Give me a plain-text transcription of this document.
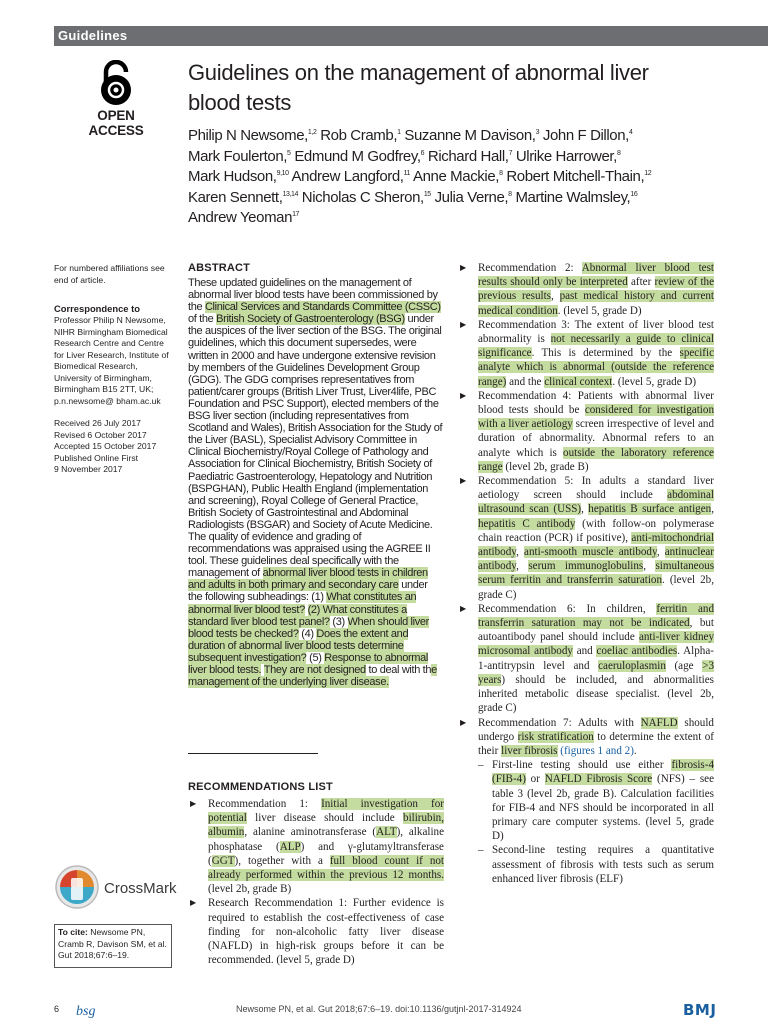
Guidelines
OPEN ACCESS
Guidelines on the management of abnormal liver
blood tests
Philip N Newsome,$^{1,2}$ Rob Cramb,$^1$ Suzanne M Davison,$^3$ John F Dillon,$^4$
Mark Foulerton,$^5$ Edmund M Godfrey,$^6$ Richard Hall,$^7$ Ulrike Harrower,$^8$
Mark Hudson,$^{9,10}$ Andrew Langford,$^{11}$ Anne Mackie,$^8$ Robert Mitchell-Thain,$^{12}$
Karen Sennett,$^{13,14}$ Nicholas C Sheron,$^{15}$ Julia Verne,$^8$ Martine Walmsley,$^{16}$
Andrew Yeoman$^{17}$
For numbered affiliations see end of article.
Correspondence to
Professor Philip N Newsome, NIHR Birmingham Biomedical Research Centre and Centre for Liver Research, Institute of Biomedical Research, University of Birmingham, Birmingham B15 2TT, UK; p.n.newsome@ bham.ac.uk
Received 26 July 2017
Revised 6 October 2017
Accepted 15 October 2017
Published Online First
9 November 2017
CrossMark
To cite: Newsome PN, Cramb R, Davison SM, et al. Gut 2018;67:6–19.
ABSTRACT
These updated guidelines on the management of abnormal liver blood tests have been commissioned by the Clinical Services and Standards Committee (CSSC) of the British Society of Gastroenterology (BSG) under the auspices of the liver section of the BSG. The original guidelines, which this document supersedes, were written in 2000 and have undergone extensive revision by members of the Guidelines Development Group (GDG). The GDG comprises representatives from patient/carer groups (British Liver Trust, Liver4life, PBC Foundation and PSC Support), elected members of the BSG liver section (including representatives from Scotland and Wales), British Association for the Study of the Liver (BASL), Specialist Advisory Committee in Clinical Biochemistry/Royal College of Pathology and Association for Clinical Biochemistry, British Society of Paediatric Gastroenterology, Hepatology and Nutrition (BSPGHAN), Public Health England (implementation and screening), Royal College of General Practice, British Society of Gastrointestinal and Abdominal Radiologists (BSGAR) and Society of Acute Medicine. The quality of evidence and grading of recommendations was appraised using the AGREE II tool. These guidelines deal specifically with the management of abnormal liver blood tests in children and adults in both primary and secondary care under the following subheadings: (1) What constitutes an abnormal liver blood test? (2) What constitutes a standard liver blood test panel? (3) When should liver blood tests be checked? (4) Does the extent and duration of abnormal liver blood tests determine subsequent investigation? (5) Response to abnormal liver blood tests. They are not designed to deal with the management of the underlying liver disease.
RECOMMENDATIONS LIST
▶ Recommendation 1: Initial investigation for potential liver disease should include bilirubin, albumin, alanine aminotransferase (ALT), alkaline phosphatase (ALP) and γ-glutamyltransferase (GGT), together with a full blood count if not already performed within the previous 12 months. (level 2b, grade B)
▶ Research Recommendation 1: Further evidence is required to establish the cost-effectiveness of case finding for non-alcoholic fatty liver disease (NAFLD) in high-risk groups before it can be recommended. (level 5, grade D)
▶ Recommendation 2: Abnormal liver blood test results should only be interpreted after review of the previous results, past medical history and current medical condition. (level 5, grade D)
▶ Recommendation 3: The extent of liver blood test abnormality is not necessarily a guide to clinical significance. This is determined by the specific analyte which is abnormal (outside the reference range) and the clinical context. (level 5, grade D)
▶ Recommendation 4: Patients with abnormal liver blood tests should be considered for investigation with a liver aetiology screen irrespective of level and duration of abnormality. Abnormal refers to an analyte which is outside the laboratory reference range (level 2b, grade B)
▶ Recommendation 5: In adults a standard liver aetiology screen should include abdominal ultrasound scan (USS), hepatitis B surface antigen, hepatitis C antibody (with follow-on polymerase chain reaction (PCR) if positive), anti-mitochondrial antibody, anti-smooth muscle antibody, antinuclear antibody, serum immunoglobulins, simultaneous serum ferritin and transferrin saturation. (level 2b, grade C)
▶ Recommendation 6: In children, ferritin and transferrin saturation may not be indicated, but autoantibody panel should include anti-liver kidney microsomal antibody and coeliac antibodies. Alpha-1-antitrypsin level and caeruloplasmin (age >3 years) should be included, and abnormalities inherited metabolic disease specialist. (level 2b, grade C)
▶ Recommendation 7: Adults with NAFLD should undergo risk stratification to determine the extent of their liver fibrosis (figures 1 and 2).
– First-line testing should use either fibrosis-4 (FIB-4) or NAFLD Fibrosis Score (NFS) – see table 3 (level 2b, grade B). Calculation facilities for FIB-4 and NFS should be incorporated in all primary care computer systems. (level 5, grade D)
– Second-line testing requires a quantitative assessment of fibrosis with tests such as serum enhanced liver fibrosis (ELF)
6 bsg	Newsome PN, et al. Gut 2018;67:6–19. doi:10.1136/gutjnl-2017-314924	BMJ
